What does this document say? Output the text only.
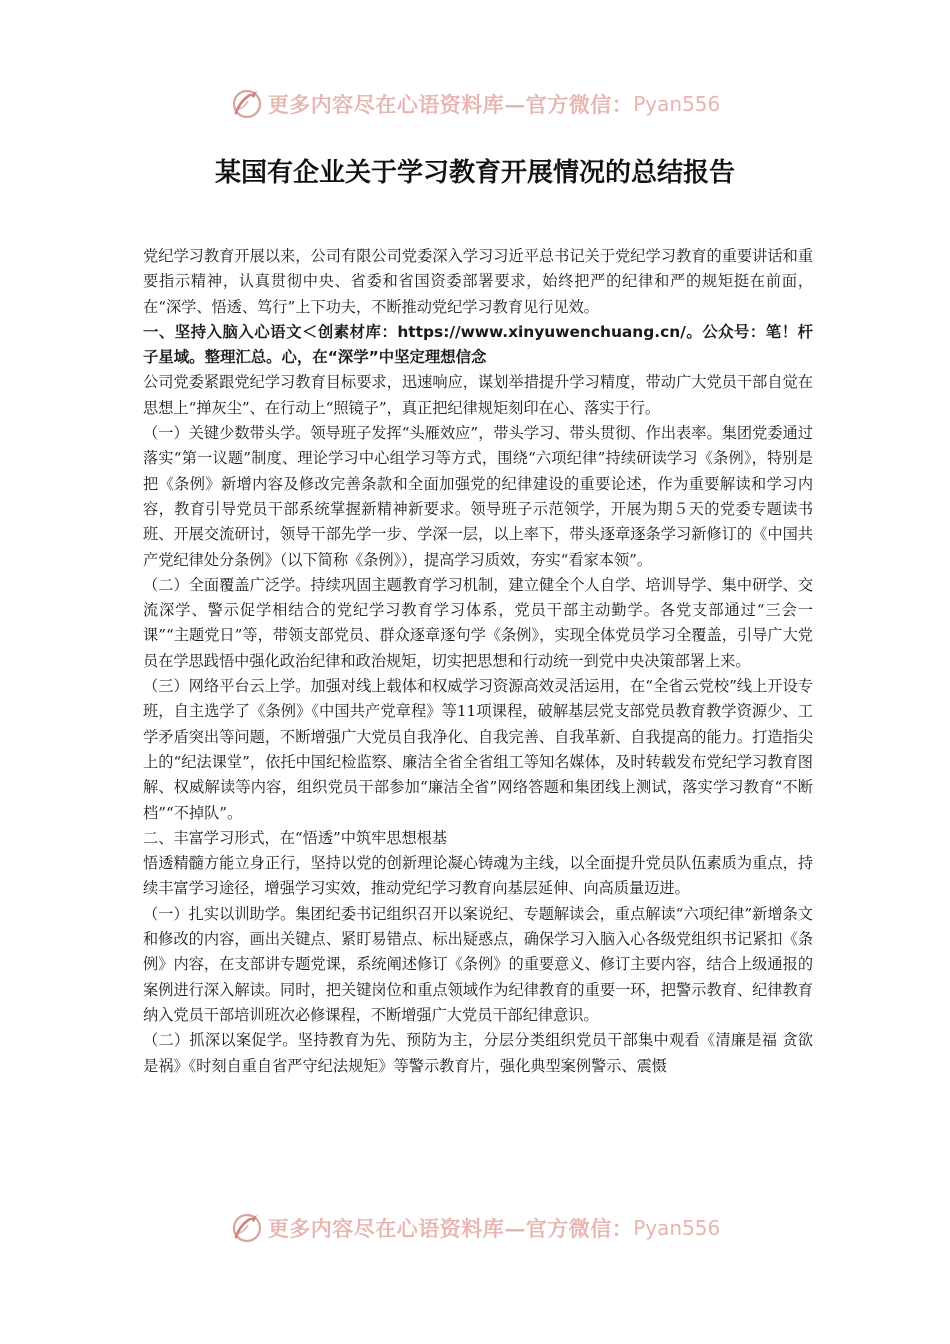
更多内容尽在心语资料库—官方微信： Pyan556
某国有企业关于学习教育开展情况的总结报告

党纪学习教育开展以来，公司有限公司党委深入学习习近平总书记关于党纪学习教育的重要讲话和重要指示精神，认真贯彻中央、省委和省国资委部署要求，始终把严的纪律和严的规矩挺在前面，在“深学、悟透、笃行”上下功夫，不断推动党纪学习教育见行见效。

一、坚持入脑入心语文＜创素材库：https://www.xinyuwenchuang.cn/。公众号：笔！杆子星域。整理汇总。心，在“深学”中坚定理想信念

公司党委紧跟党纪学习教育目标要求，迅速响应，谋划举措提升学习精度，带动广大党员干部自觉在思想上“掸灰尘”、在行动上“照镜子”，真正把纪律规矩刻印在心、落实于行。

（一）关键少数带头学。领导班子发挥“头雁效应”，带头学习、带头贯彻、作出表率。集团党委通过落实“第一议题”制度、理论学习中心组学习等方式，围绕“六项纪律”持续研读学习《条例》，特别是把《条例》新增内容及修改完善条款和全面加强党的纪律建设的重要论述，作为重要解读和学习内容，教育引导党员干部系统掌握新精神新要求。领导班子示范领学，开展为期５天的党委专题读书班、开展交流研讨，领导干部先学一步、学深一层，以上率下，带头逐章逐条学习新修订的《中国共产党纪律处分条例》（以下简称《条例》），提高学习质效，夯实“看家本领”。

（二）全面覆盖广泛学。持续巩固主题教育学习机制，建立健全个人自学、培训导学、集中研学、交流深学、警示促学相结合的党纪学习教育学习体系，党员干部主动勤学。各党支部通过“三会一课”“主题党日”等，带领支部党员、群众逐章逐句学《条例》，实现全体党员学习全覆盖，引导广大党员在学思践悟中强化政治纪律和政治规矩，切实把思想和行动统一到党中央决策部署上来。

（三）网络平台云上学。加强对线上载体和权威学习资源高效灵活运用，在“全省云党校”线上开设专班，自主选学了《条例》《中国共产党章程》等11项课程，破解基层党支部党员教育教学资源少、工学矛盾突出等问题，不断增强广大党员自我净化、自我完善、自我革新、自我提高的能力。打造指尖上的“纪法课堂”，依托中国纪检监察、廉洁全省全省组工等知名媒体，及时转载发布党纪学习教育图解、权威解读等内容，组织党员干部参加“廉洁全省”网络答题和集团线上测试，落实学习教育“不断档”“不掉队”。

二、丰富学习形式，在“悟透”中筑牢思想根基

悟透精髓方能立身正行，坚持以党的创新理论凝心铸魂为主线，以全面提升党员队伍素质为重点，持续丰富学习途径，增强学习实效，推动党纪学习教育向基层延伸、向高质量迈进。

（一）扎实以训助学。集团纪委书记组织召开以案说纪、专题解读会，重点解读“六项纪律”新增条文和修改的内容，画出关键点、紧盯易错点、标出疑惑点，确保学习入脑入心各级党组织书记紧扣《条例》内容，在支部讲专题党课，系统阐述修订《条例》的重要意义、修订主要内容，结合上级通报的案例进行深入解读。同时，把关键岗位和重点领域作为纪律教育的重要一环，把警示教育、纪律教育纳入党员干部培训班次必修课程，不断增强广大党员干部纪律意识。

（二）抓深以案促学。坚持教育为先、预防为主，分层分类组织党员干部集中观看《清廉是福 贪欲是祸》《时刻自重自省严守纪法规矩》等警示教育片，强化典型案例警示、震慑

更多内容尽在心语资料库—官方微信： Pyan556
